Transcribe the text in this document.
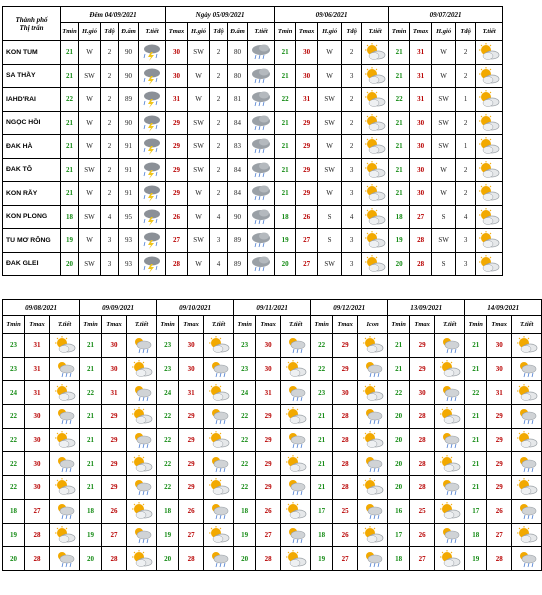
Thành phố
Thị trấn	Đêm 04/09/2021					Ngày 05/09/2021					09/06/2021					09/07/2021				
	Tmin	H.gió	Tđộ	Đ.ẩm	T.tiết	Tmax	H.gió	Tđộ	Đ.ẩm	T.tiết	Tmin	Tmax	H.gió	Tđộ	T.tiết	Tmin	Tmax	H.gió	Tđộ	T.tiết
KON TUM	21	W	2	90		30	SW	2	80		21	30	W	2		21	31	W	2	

SA THẦY	21	SW	2	90		30	W	2	80		21	30	W	3		21	31	W	2	

IAHD'RAI	22	W	2	89		31	W	2	81		22	31	SW	2		22	31	SW	1	

NGỌC HỒI	21	W	2	90		29	SW	2	84		21	29	SW	2		21	30	SW	2	

ĐAK HÀ	21	W	2	91		29	SW	2	83		21	29	W	2		21	30	SW	1	

ĐAK TÔ	21	SW	2	91		29	SW	2	84		21	29	SW	3		21	30	W	2	

KON RẪY	21	W	2	91		29	W	2	84		21	29	W	3		21	30	W	2	

KON PLONG	18	SW	4	95		26	W	4	90		18	26	S	4		18	27	S	4	

TU MƠ RÔNG	19	W	3	93		27	SW	3	89		19	27	S	3		19	28	SW	3	

ĐAK GLEI	20	SW	3	93		28	W	4	89		20	27	SW	3		20	28	S	3	
09/08/2021			09/09/2021			09/10/2021			09/11/2021			09/12/2021			13/09/2021			14/09/2021		
Tmin	Tmax	T.tiết	Tmin	Tmax	T.tiết	Tmin	Tmax	T.tiết	Tmin	Tmax	T.tiết	Tmin	Tmax	Icon	Tmin	Tmax	T.tiết	Tmin	Tmax	T.tiết
23	31		21	30		23	30		23	30		22	29		21	29		21	30	

23	31		21	30		23	30		23	30		22	29		21	29		21	30	

24	31		22	31		24	31		24	31		23	30		22	30		22	31	

22	30		21	29		22	29		22	29		21	28		20	28		21	29	

22	30		21	29		22	29		22	29		21	28		20	28		21	29	

22	30		21	29		22	29		22	29		21	28		20	28		21	29	

22	30		21	29		22	29		22	29		21	28		20	28		21	29	

18	27		18	26		18	26		18	26		17	25		16	25		17	26	

19	28		19	27		19	27		19	27		18	26		17	26		18	27	

20	28		20	28		20	28		20	28		19	27		18	27		19	28	
